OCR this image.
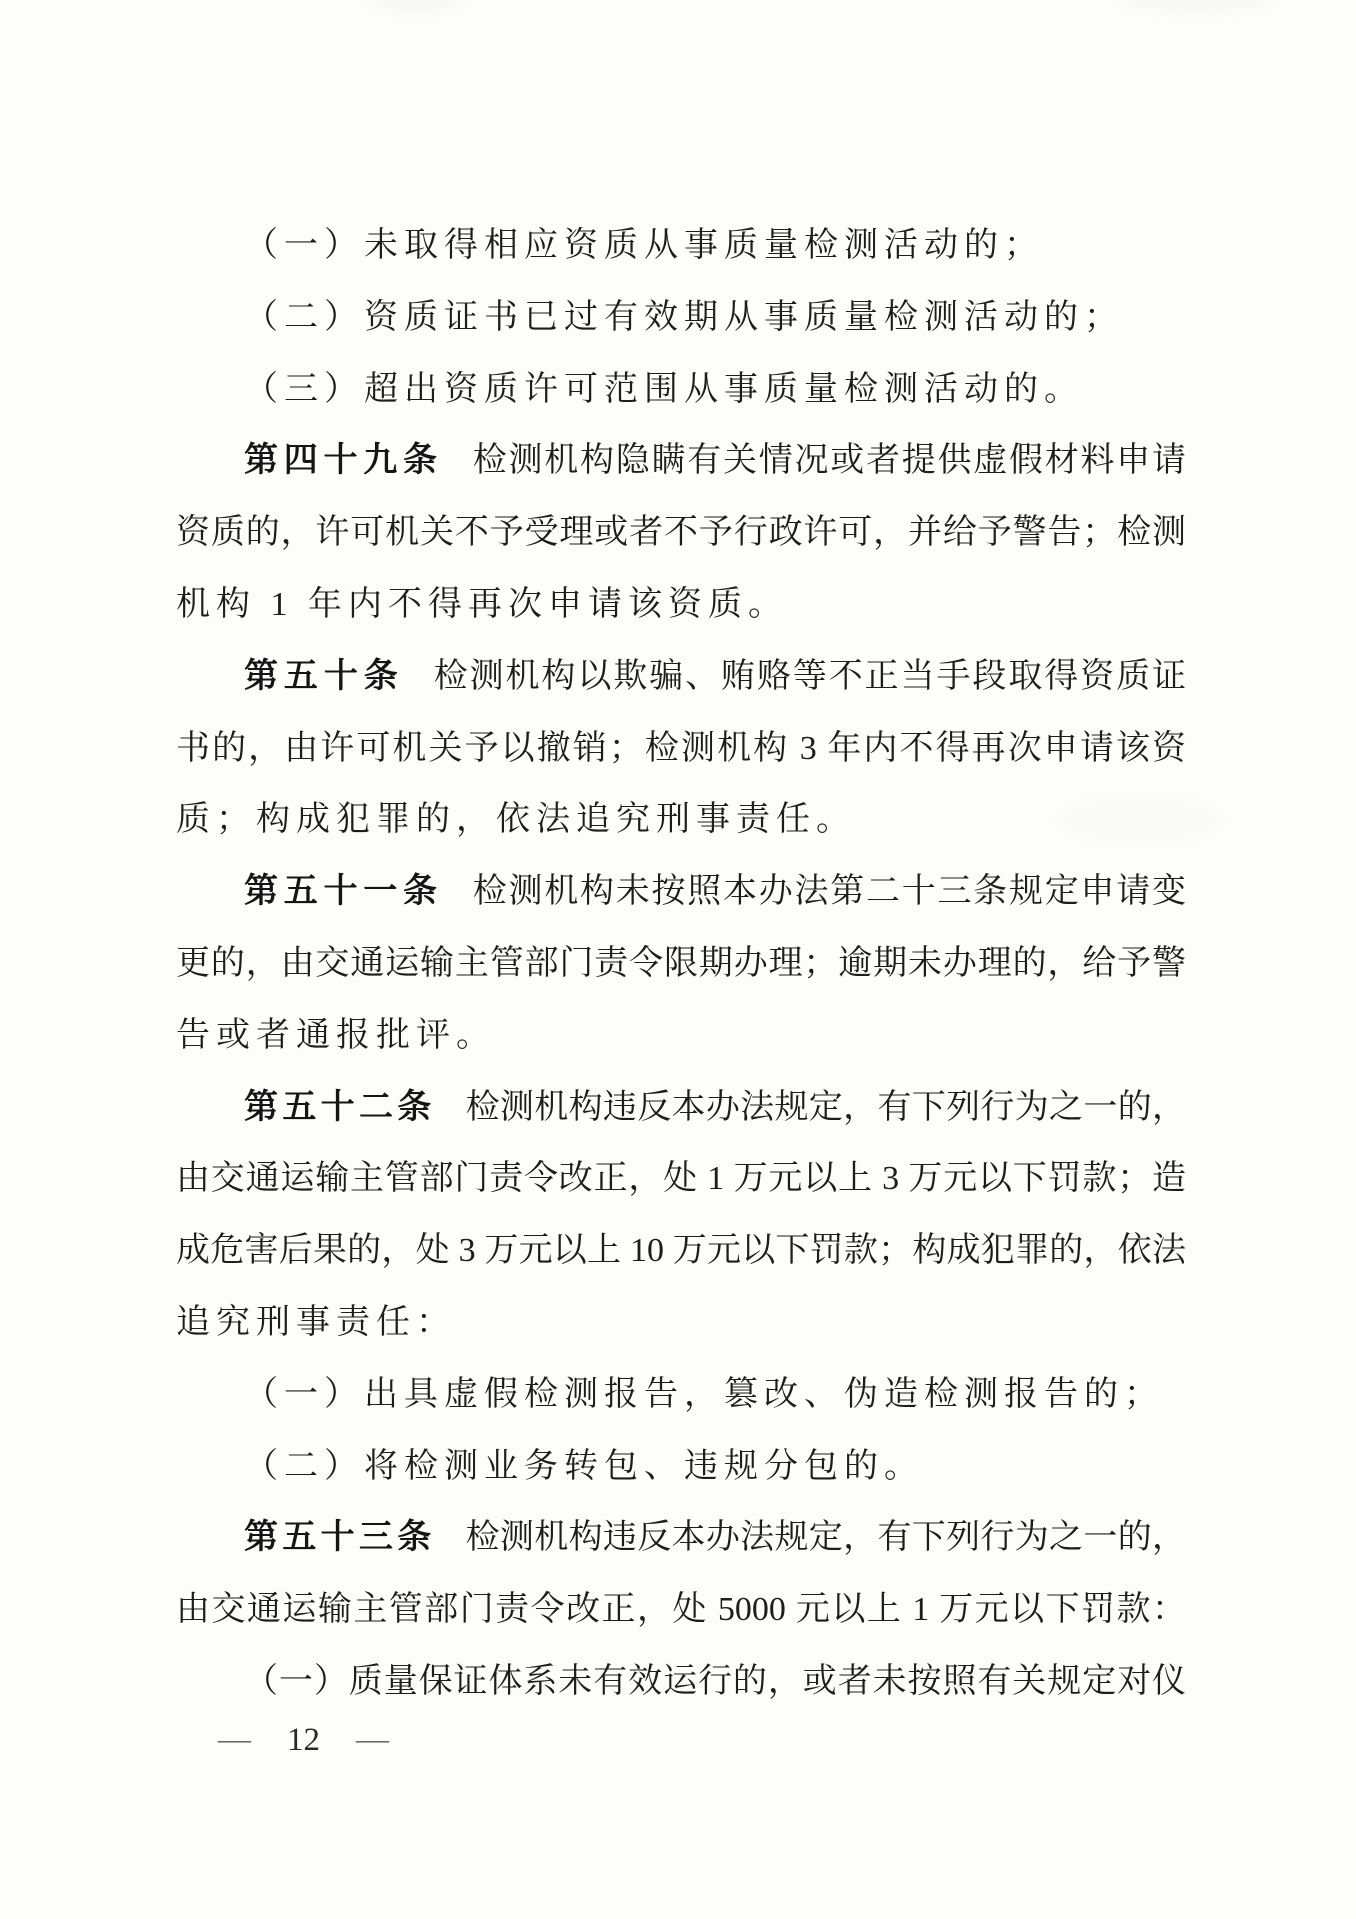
（一）未取得相应资质从事质量检测活动的；
（二）资质证书已过有效期从事质量检测活动的；
（三）超出资质许可范围从事质量检测活动的。
第四十九条 检测机构隐瞒有关情况或者提供虚假材料申请
资质的，许可机关不予受理或者不予行政许可，并给予警告；检测
机构 1 年内不得再次申请该资质。
第五十条 检测机构以欺骗、贿赂等不正当手段取得资质证
书的，由许可机关予以撤销；检测机构 3 年内不得再次申请该资
质；构成犯罪的，依法追究刑事责任。
第五十一条 检测机构未按照本办法第二十三条规定申请变
更的，由交通运输主管部门责令限期办理；逾期未办理的，给予警
告或者通报批评。
第五十二条 检测机构违反本办法规定，有下列行为之一的，
由交通运输主管部门责令改正，处 1 万元以上 3 万元以下罚款；造
成危害后果的，处 3 万元以上 10 万元以下罚款；构成犯罪的，依法
追究刑事责任：
（一）出具虚假检测报告，篡改、伪造检测报告的；
（二）将检测业务转包、违规分包的。
第五十三条 检测机构违反本办法规定，有下列行为之一的，
由交通运输主管部门责令改正，处 5000 元以上 1 万元以下罚款：
（一）质量保证体系未有效运行的，或者未按照有关规定对仪
— 12 —
